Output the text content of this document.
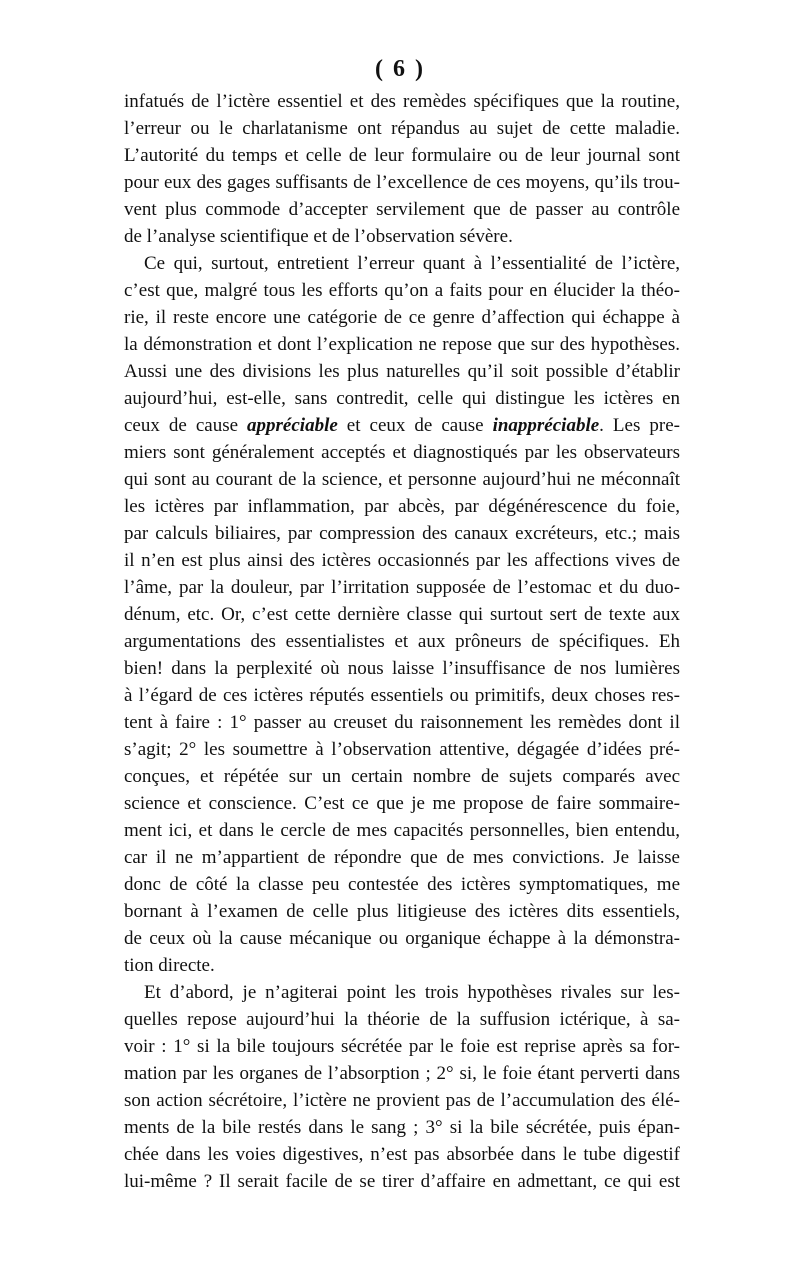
( 6 )
infatués de l’ictère essentiel et des remèdes spécifiques que la routine,
l’erreur ou le charlatanisme ont répandus au sujet de cette maladie.
L’autorité du temps et celle de leur formulaire ou de leur journal sont
pour eux des gages suffisants de l’excellence de ces moyens, qu’ils trou-
vent plus commode d’accepter servilement que de passer au contrôle
de l’analyse scientifique et de l’observation sévère.
Ce qui, surtout, entretient l’erreur quant à l’essentialité de l’ictère,
c’est que, malgré tous les efforts qu’on a faits pour en élucider la théo-
rie, il reste encore une catégorie de ce genre d’affection qui échappe à
la démonstration et dont l’explication ne repose que sur des hypothèses.
Aussi une des divisions les plus naturelles qu’il soit possible d’établir
aujourd’hui, est-elle, sans contredit, celle qui distingue les ictères en
ceux de cause appréciable et ceux de cause inappréciable. Les pre-
miers sont généralement acceptés et diagnostiqués par les observateurs
qui sont au courant de la science, et personne aujourd’hui ne méconnaît
les ictères par inflammation, par abcès, par dégénérescence du foie,
par calculs biliaires, par compression des canaux excréteurs, etc.; mais
il n’en est plus ainsi des ictères occasionnés par les affections vives de
l’âme, par la douleur, par l’irritation supposée de l’estomac et du duo-
dénum, etc. Or, c’est cette dernière classe qui surtout sert de texte aux
argumentations des essentialistes et aux prôneurs de spécifiques. Eh
bien! dans la perplexité où nous laisse l’insuffisance de nos lumières
à l’égard de ces ictères réputés essentiels ou primitifs, deux choses res-
tent à faire : 1° passer au creuset du raisonnement les remèdes dont il
s’agit; 2° les soumettre à l’observation attentive, dégagée d’idées pré-
conçues, et répétée sur un certain nombre de sujets comparés avec
science et conscience. C’est ce que je me propose de faire sommaire-
ment ici, et dans le cercle de mes capacités personnelles, bien entendu,
car il ne m’appartient de répondre que de mes convictions. Je laisse
donc de côté la classe peu contestée des ictères symptomatiques, me
bornant à l’examen de celle plus litigieuse des ictères dits essentiels,
de ceux où la cause mécanique ou organique échappe à la démonstra-
tion directe.
Et d’abord, je n’agiterai point les trois hypothèses rivales sur les-
quelles repose aujourd’hui la théorie de la suffusion ictérique, à sa-
voir : 1° si la bile toujours sécrétée par le foie est reprise après sa for-
mation par les organes de l’absorption ; 2° si, le foie étant perverti dans
son action sécrétoire, l’ictère ne provient pas de l’accumulation des élé-
ments de la bile restés dans le sang ; 3° si la bile sécrétée, puis épan-
chée dans les voies digestives, n’est pas absorbée dans le tube digestif
lui-même ? Il serait facile de se tirer d’affaire en admettant, ce qui est
